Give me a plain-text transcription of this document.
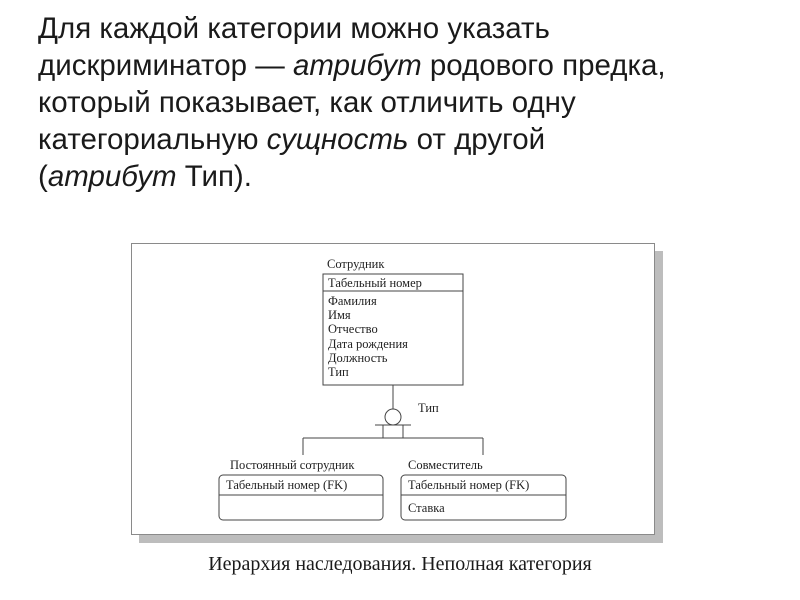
Для каждой категории можно указать
дискриминатор — атрибут родового предка,
который показывает, как отличить одну
категориальную сущность от другой
(атрибут Тип).
Сотрудник
Табельный номер
Фамилия
Имя
Отчество
Дата рождения
Должность
Тип
Тип
Постоянный сотрудник
Табельный номер (FK)
Совместитель
Табельный номер (FK)
Ставка

Иерархия наследования. Неполная категория
